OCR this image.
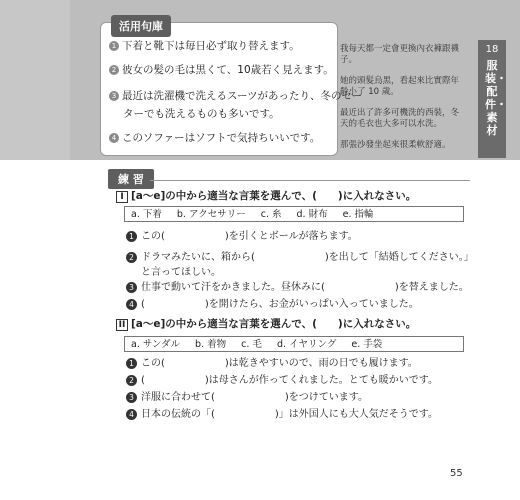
18
服装・配件・素材
活用句庫
1 下着と靴下は毎日必ず取り替えます。
2 彼女の髪の毛は黒くて、10歳若く見えます。
3 最近は洗濯機で洗えるスーツがあったり、冬のセー
ターでも洗えるものも多いです。
4 このソファーはソフトで気持ちいいです。
我每天都一定會更換內衣褲跟襪子。
她的頭髮烏黑，看起來比實際年齡小了 10 歲。
最近出了許多可機洗的西裝，冬天的毛衣也大多可以水洗。
那張沙發坐起來很柔軟舒適。
練 習
I [a～e]の中から適当な言葉を選んで、(　　)に入れなさい。
a. 下着 b. アクセサリー c. 糸 d. 財布 e. 指輪
1 この(　　　　　　)を引くとボールが落ちます。
2 ドラマみたいに、箱から(　　　　　　　)を出して「結婚してください。」
と言ってほしい。
3 仕事で動いて汗をかきました。昼休みに(　　　　　　　)を替えました。
4 (　　　　　　)を開けたら、お金がいっぱい入っていました。
II [a～e]の中から適当な言葉を選んで、(　　)に入れなさい。
a. サンダル b. 着物 c. 毛 d. イヤリング e. 手袋
1 この(　　　　　　)は乾きやすいので、雨の日でも履けます。
2 (　　　　　　)は母さんが作ってくれました。とても暖かいです。
3 洋服に合わせて(　　　　　　　)をつけています。
4 日本の伝統の「(　　　　　　)」は外国人にも大人気だそうです。
55
